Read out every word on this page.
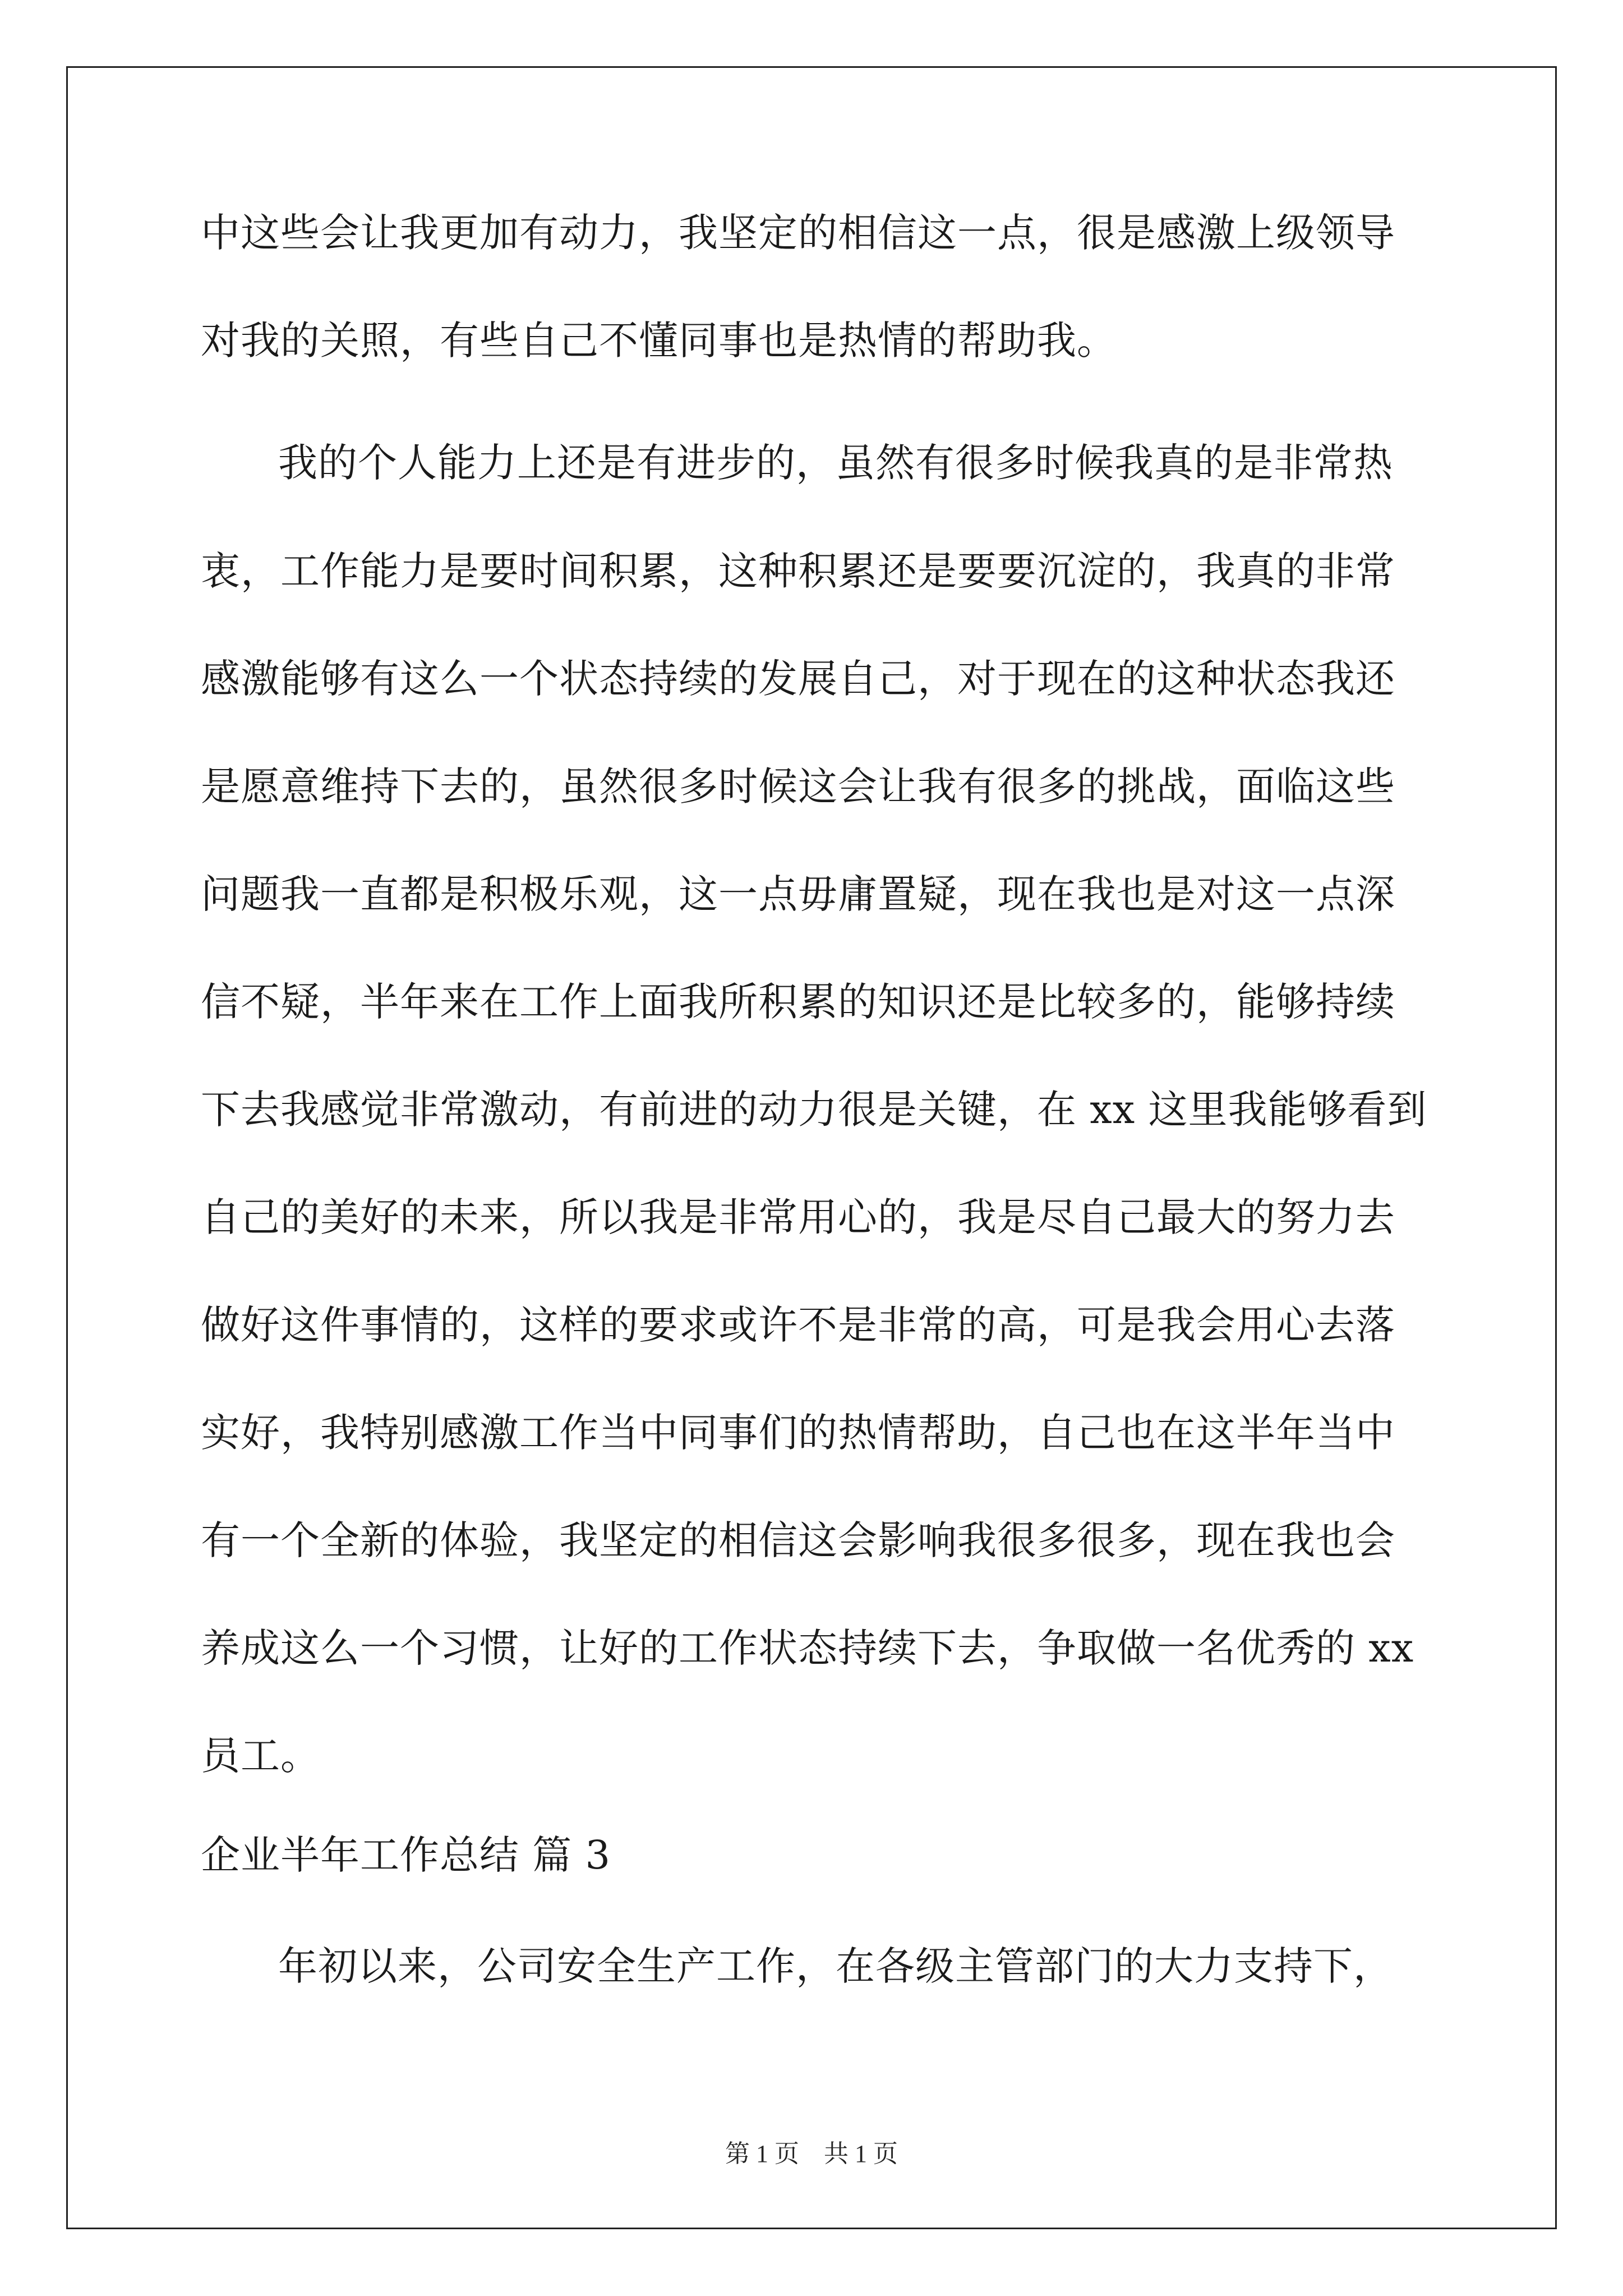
中这些会让我更加有动力，我坚定的相信这一点，很是感激上级领导
对我的关照，有些自己不懂同事也是热情的帮助我。
我的个人能力上还是有进步的，虽然有很多时候我真的是非常热
衷，工作能力是要时间积累，这种积累还是要要沉淀的，我真的非常
感激能够有这么一个状态持续的发展自己，对于现在的这种状态我还
是愿意维持下去的，虽然很多时候这会让我有很多的挑战，面临这些
问题我一直都是积极乐观，这一点毋庸置疑，现在我也是对这一点深
信不疑，半年来在工作上面我所积累的知识还是比较多的，能够持续
下去我感觉非常激动，有前进的动力很是关键，在 xx 这里我能够看到
自己的美好的未来，所以我是非常用心的，我是尽自己最大的努力去
做好这件事情的，这样的要求或许不是非常的高，可是我会用心去落
实好，我特别感激工作当中同事们的热情帮助，自己也在这半年当中
有一个全新的体验，我坚定的相信这会影响我很多很多，现在我也会
养成这么一个习惯，让好的工作状态持续下去，争取做一名优秀的 xx
员工。
企业半年工作总结 篇 3
年初以来，公司安全生产工作，在各级主管部门的大力支持下，
第 1 页　共 1 页
